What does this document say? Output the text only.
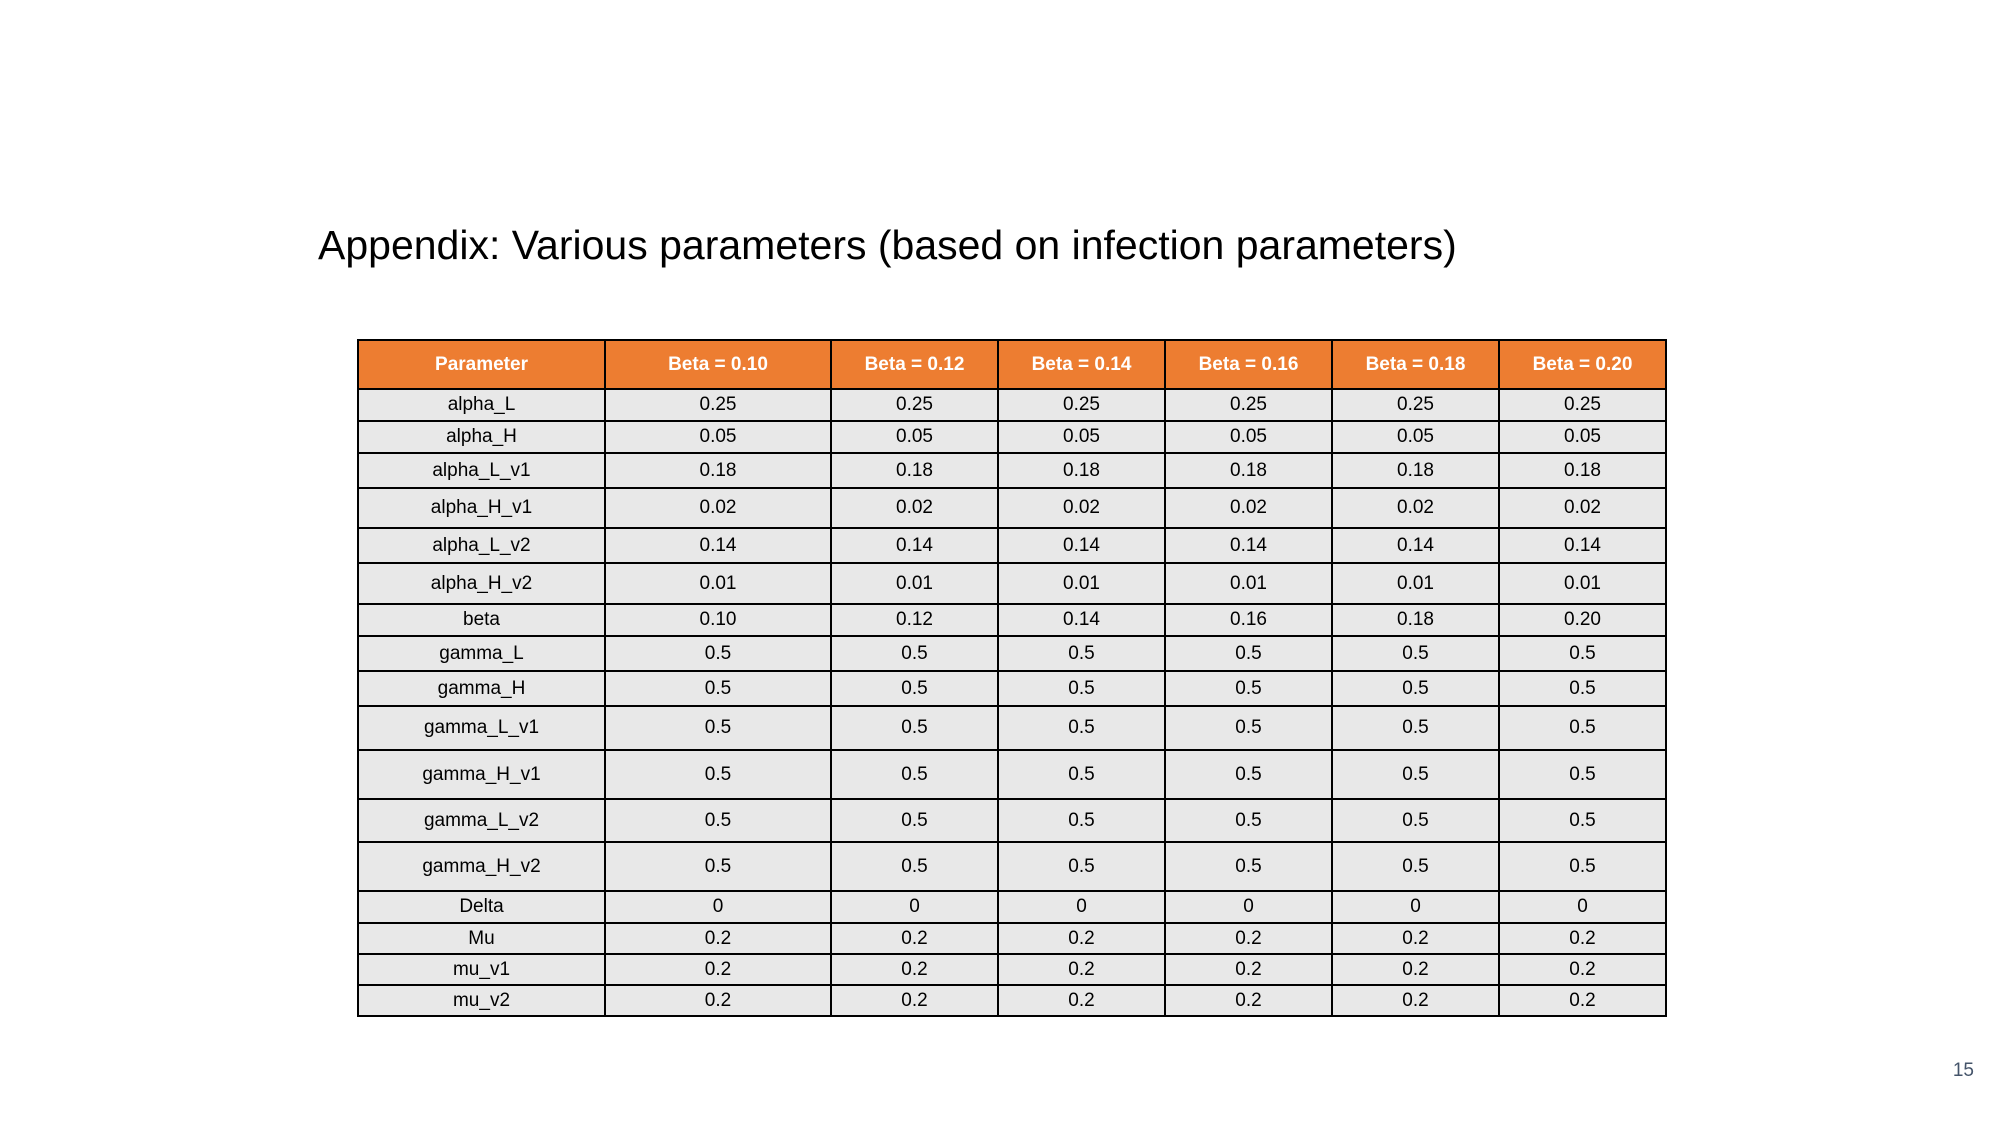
Appendix: Various parameters (based on infection parameters)
Parameter	Beta = 0.10	Beta = 0.12	Beta = 0.14	Beta = 0.16	Beta = 0.18	Beta = 0.20
alpha_L	0.25	0.25	0.25	0.25	0.25	0.25
alpha_H	0.05	0.05	0.05	0.05	0.05	0.05
alpha_L_v1	0.18	0.18	0.18	0.18	0.18	0.18
alpha_H_v1	0.02	0.02	0.02	0.02	0.02	0.02
alpha_L_v2	0.14	0.14	0.14	0.14	0.14	0.14
alpha_H_v2	0.01	0.01	0.01	0.01	0.01	0.01
beta	0.10	0.12	0.14	0.16	0.18	0.20
gamma_L	0.5	0.5	0.5	0.5	0.5	0.5
gamma_H	0.5	0.5	0.5	0.5	0.5	0.5
gamma_L_v1	0.5	0.5	0.5	0.5	0.5	0.5
gamma_H_v1	0.5	0.5	0.5	0.5	0.5	0.5
gamma_L_v2	0.5	0.5	0.5	0.5	0.5	0.5
gamma_H_v2	0.5	0.5	0.5	0.5	0.5	0.5
Delta	0	0	0	0	0	0
Mu	0.2	0.2	0.2	0.2	0.2	0.2
mu_v1	0.2	0.2	0.2	0.2	0.2	0.2
mu_v2	0.2	0.2	0.2	0.2	0.2	0.2
15
